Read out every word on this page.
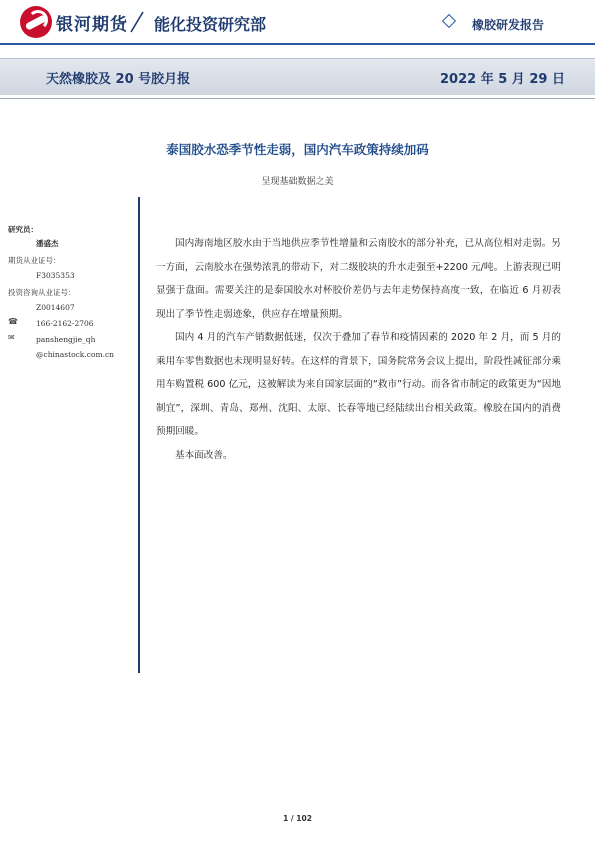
银河期货 能化投资研究部	橡胶研发报告
天然橡胶及 20 号胶月报	2022 年 5 月 29 日
泰国胶水恐季节性走弱，国内汽车政策持续加码
呈现基础数据之美
研究员：
潘盛杰
期货从业证号：
F3035353
投资咨询从业证号：
Z0014607
☎ 166-2162-2706
✉	panshengjie_qh
@chinastock.com.cn

国内海南地区胶水由于当地供应季节性增量和云南胶水的部分补充，已从高位相对走弱。另一方面，云南胶水在强势浓乳的带动下，对二级胶块的升水走强至+2200 元/吨。上游表现已明显强于盘面。需要关注的是泰国胶水对杯胶价差仍与去年走势保持高度一致，在临近 6 月初表现出了季节性走弱迹象，供应存在增量预期。

国内 4 月的汽车产销数据低迷，仅次于叠加了春节和疫情因素的 2020 年 2 月，而 5 月的乘用车零售数据也未现明显好转。在这样的背景下，国务院常务会议上提出，阶段性减征部分乘用车购置税 600 亿元，这被解读为来自国家层面的“救市”行动。而各省市制定的政策更为“因地制宜”，深圳、青岛、郑州、沈阳、太原、长春等地已经陆续出台相关政策。橡胶在国内的消费预期回暖。

基本面改善。

1 / 102
